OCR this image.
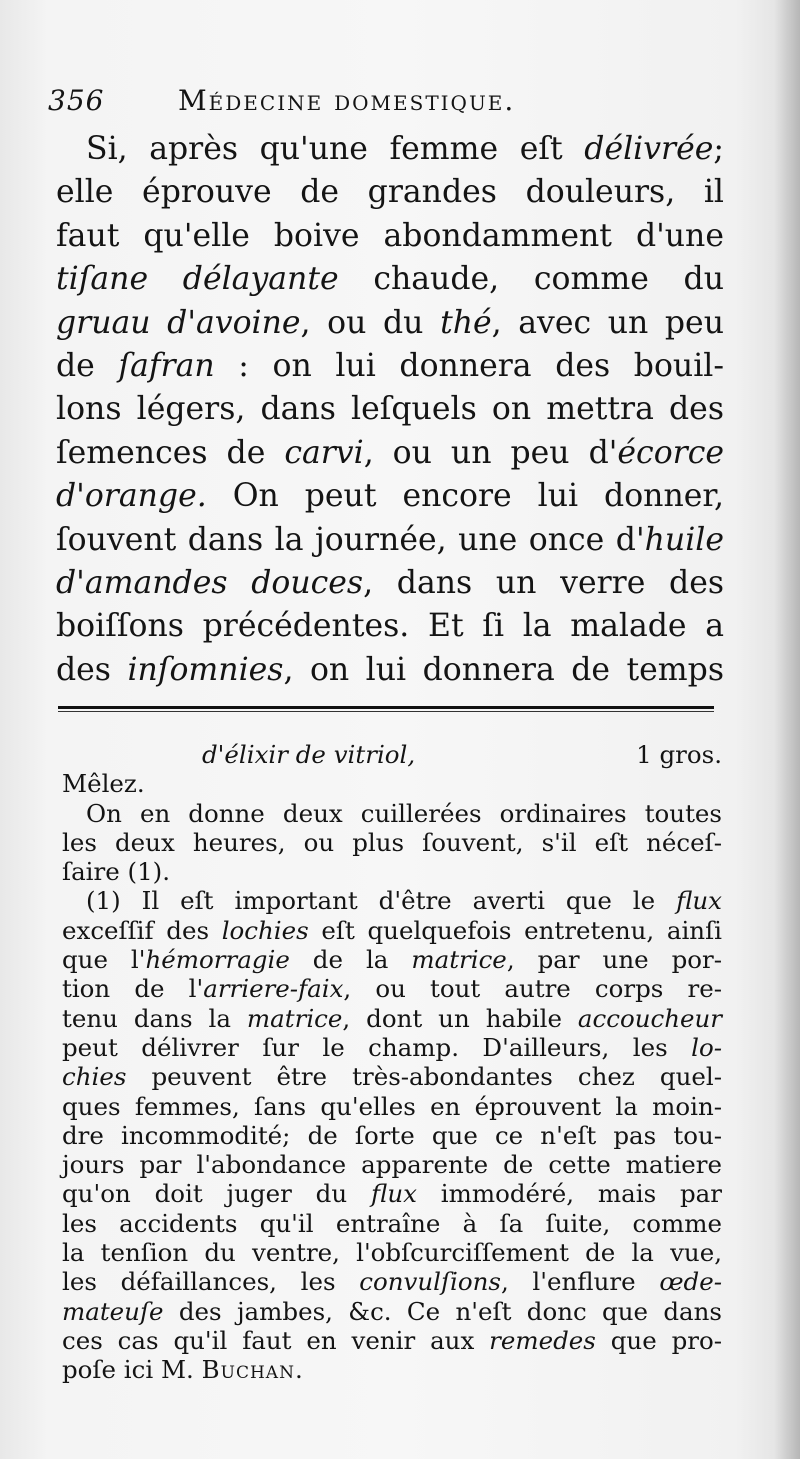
356	Médecine domestique.
Si, après qu'une femme eſt délivrée;
elle éprouve de grandes douleurs, il
faut qu'elle boive abondamment d'une
tiſane délayante chaude, comme du
gruau d'avoine, ou du thé, avec un peu
de ſafran : on lui donnera des bouil-
lons légers, dans leſquels on mettra des
ſemences de carvi, ou un peu d'écorce
d'orange. On peut encore lui donner,
ſouvent dans la journée, une once d'huile
d'amandes douces, dans un verre des
boiſſons précédentes. Et ſi la malade a
des inſomnies, on lui donnera de temps
d'élixir de vitriol,	1 gros.
Mêlez.
On en donne deux cuillerées ordinaires toutes
les deux heures, ou plus ſouvent, s'il eſt néceſ-
ſaire (1).
(1) Il eſt important d'être averti que le flux
exceſſif des lochies eſt quelquefois entretenu, ainſi
que l'hémorragie de la matrice, par une por-
tion de l'arriere-faix, ou tout autre corps re-
tenu dans la matrice, dont un habile accoucheur
peut délivrer ſur le champ. D'ailleurs, les lo-
chies peuvent être très-abondantes chez quel-
ques femmes, ſans qu'elles en éprouvent la moin-
dre incommodité; de ſorte que ce n'eſt pas tou-
jours par l'abondance apparente de cette matiere
qu'on doit juger du flux immodéré, mais par
les accidents qu'il entraîne à ſa ſuite, comme
la tenſion du ventre, l'obſcurciſſement de la vue,
les défaillances, les convulſions, l'enflure œde-
mateuſe des jambes, &c. Ce n'eſt donc que dans
ces cas qu'il faut en venir aux remedes que pro-
poſe ici M. Buchan.
